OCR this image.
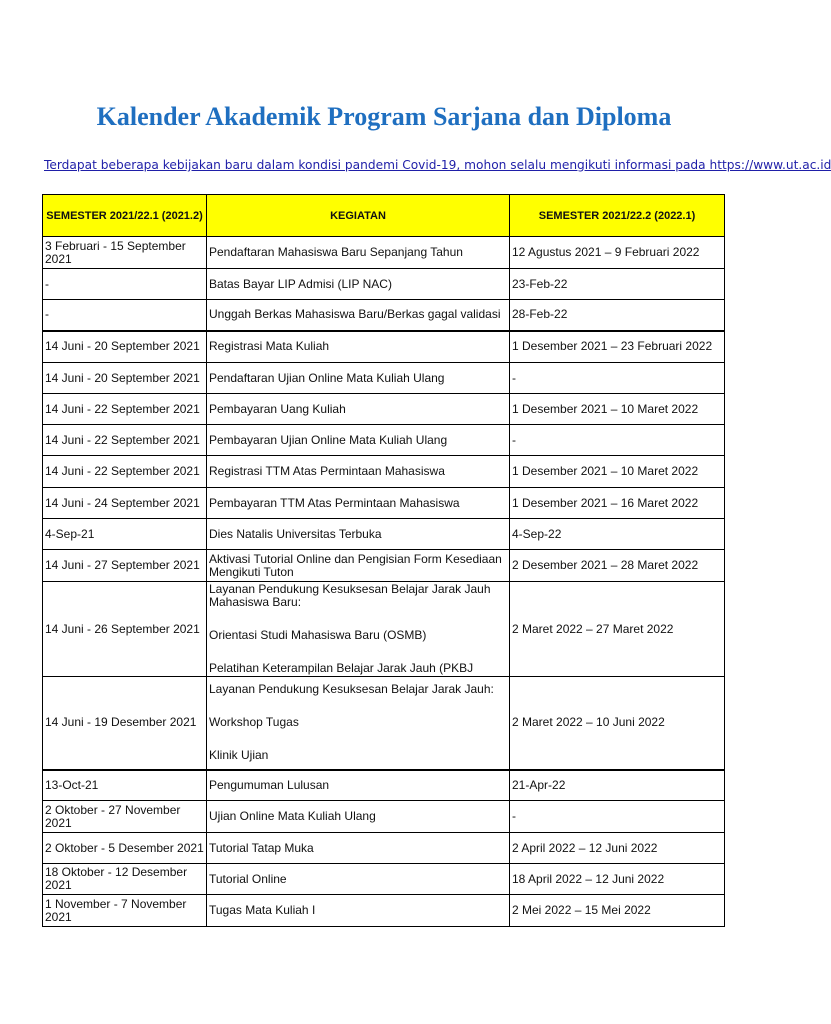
Kalender Akademik Program Sarjana dan Diploma
Terdapat beberapa kebijakan baru dalam kondisi pandemi Covid-19, mohon selalu mengikuti informasi pada https://www.ut.ac.id
SEMESTER 2021/22.1 (2021.2)	KEGIATAN	SEMESTER 2021/22.2 (2022.1)
3 Februari - 15 September 2021	Pendaftaran Mahasiswa Baru Sepanjang Tahun	12 Agustus 2021 – 9 Februari 2022
-	Batas Bayar LIP Admisi (LIP NAC)	23-Feb-22
-	Unggah Berkas Mahasiswa Baru/Berkas gagal validasi	28-Feb-22
14 Juni - 20 September 2021	Registrasi Mata Kuliah	1 Desember 2021 – 23 Februari 2022
14 Juni - 20 September 2021	Pendaftaran Ujian Online Mata Kuliah Ulang	-
14 Juni - 22 September 2021	Pembayaran Uang Kuliah	1 Desember 2021 – 10 Maret 2022
14 Juni - 22 September 2021	Pembayaran Ujian Online Mata Kuliah Ulang	-
14 Juni - 22 September 2021	Registrasi TTM Atas Permintaan Mahasiswa	1 Desember 2021 – 10 Maret 2022
14 Juni - 24 September 2021	Pembayaran TTM Atas Permintaan Mahasiswa	1 Desember 2021 – 16 Maret 2022
4-Sep-21	Dies Natalis Universitas Terbuka	4-Sep-22
14 Juni - 27 September 2021	Aktivasi Tutorial Online dan Pengisian Form Kesediaan Mengikuti Tuton	2 Desember 2021 – 28 Maret 2022
14 Juni - 26 September 2021	Layanan Pendukung Kesuksesan Belajar Jarak Jauh Mahasiswa Baru:

Orientasi Studi Mahasiswa Baru (OSMB)

Pelatihan Keterampilan Belajar Jarak Jauh (PKBJ	2 Maret 2022 – 27 Maret 2022
14 Juni - 19 Desember 2021	Layanan Pendukung Kesuksesan Belajar Jarak Jauh:

Workshop Tugas

Klinik Ujian	2 Maret 2022 – 10 Juni 2022
13-Oct-21	Pengumuman Lulusan	21-Apr-22
2 Oktober - 27 November 2021	Ujian Online Mata Kuliah Ulang	-
2 Oktober - 5 Desember 2021	Tutorial Tatap Muka	2 April 2022 – 12 Juni 2022
18 Oktober - 12 Desember 2021	Tutorial Online	18 April 2022 – 12 Juni 2022
1 November - 7 November 2021	Tugas Mata Kuliah I	2 Mei 2022 – 15 Mei 2022
